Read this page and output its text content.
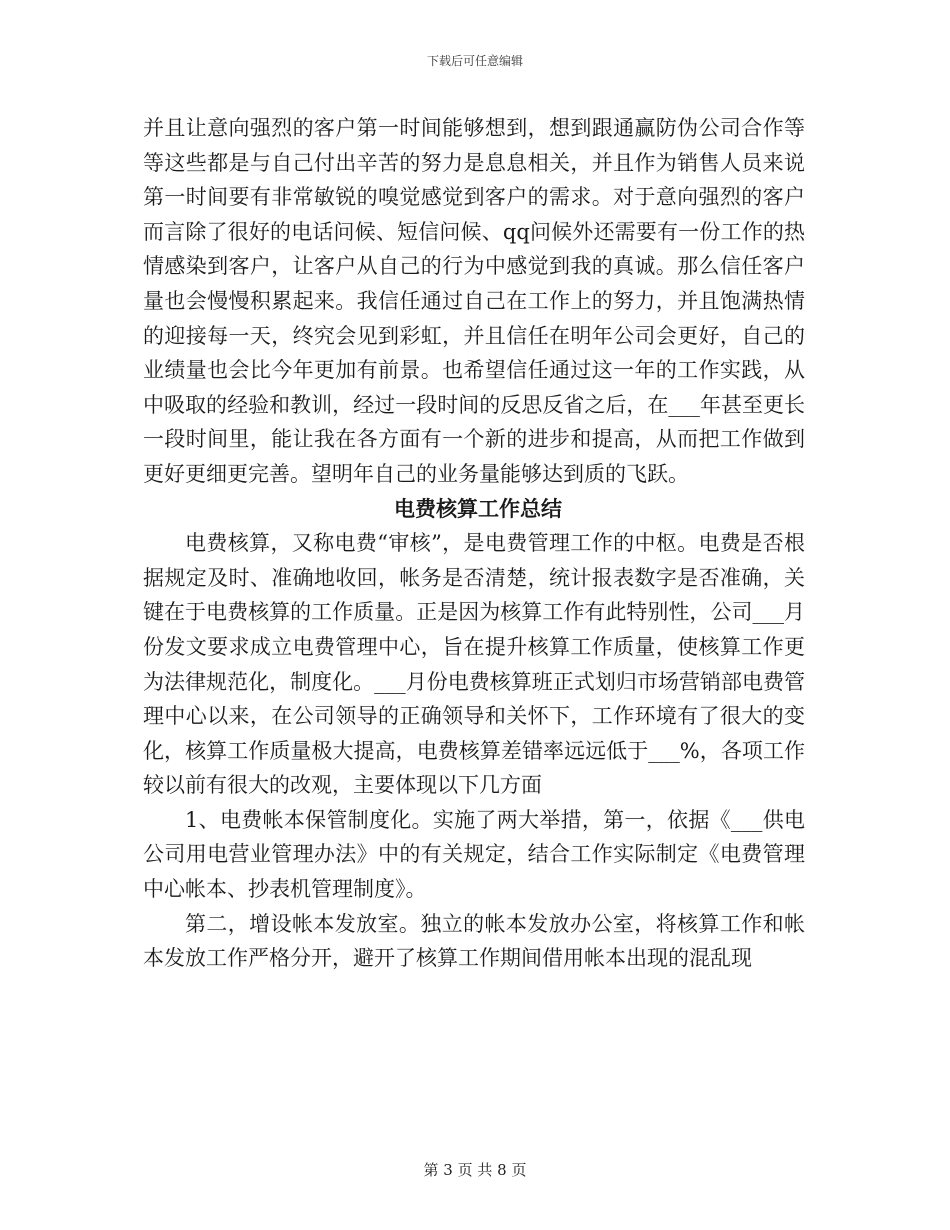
下载后可任意编辑

并且让意向强烈的客户第一时间能够想到，想到跟通赢防伪公司合作等等这些都是与自己付出辛苦的努力是息息相关，并且作为销售人员来说第一时间要有非常敏锐的嗅觉感觉到客户的需求。对于意向强烈的客户而言除了很好的电话问候、短信问候、qq问候外还需要有一份工作的热情感染到客户，让客户从自己的行为中感觉到我的真诚。那么信任客户量也会慢慢积累起来。我信任通过自己在工作上的努力，并且饱满热情的迎接每一天，终究会见到彩虹，并且信任在明年公司会更好，自己的业绩量也会比今年更加有前景。也希望信任通过这一年的工作实践，从中吸取的经验和教训，经过一段时间的反思反省之后，在___年甚至更长一段时间里，能让我在各方面有一个新的进步和提高，从而把工作做到更好更细更完善。望明年自己的业务量能够达到质的飞跃。

电费核算工作总结

电费核算，又称电费“审核”，是电费管理工作的中枢。电费是否根据规定及时、准确地收回，帐务是否清楚，统计报表数字是否准确，关键在于电费核算的工作质量。正是因为核算工作有此特别性，公司___月份发文要求成立电费管理中心，旨在提升核算工作质量，使核算工作更为法律规范化，制度化。___月份电费核算班正式划归市场营销部电费管理中心以来，在公司领导的正确领导和关怀下，工作环境有了很大的变化，核算工作质量极大提高，电费核算差错率远远低于___%，各项工作较以前有很大的改观，主要体现以下几方面

1、电费帐本保管制度化。实施了两大举措，第一，依据《___供电公司用电营业管理办法》中的有关规定，结合工作实际制定《电费管理中心帐本、抄表机管理制度》。

第二，增设帐本发放室。独立的帐本发放办公室，将核算工作和帐本发放工作严格分开，避开了核算工作期间借用帐本出现的混乱现

第 3 页 共 8 页
